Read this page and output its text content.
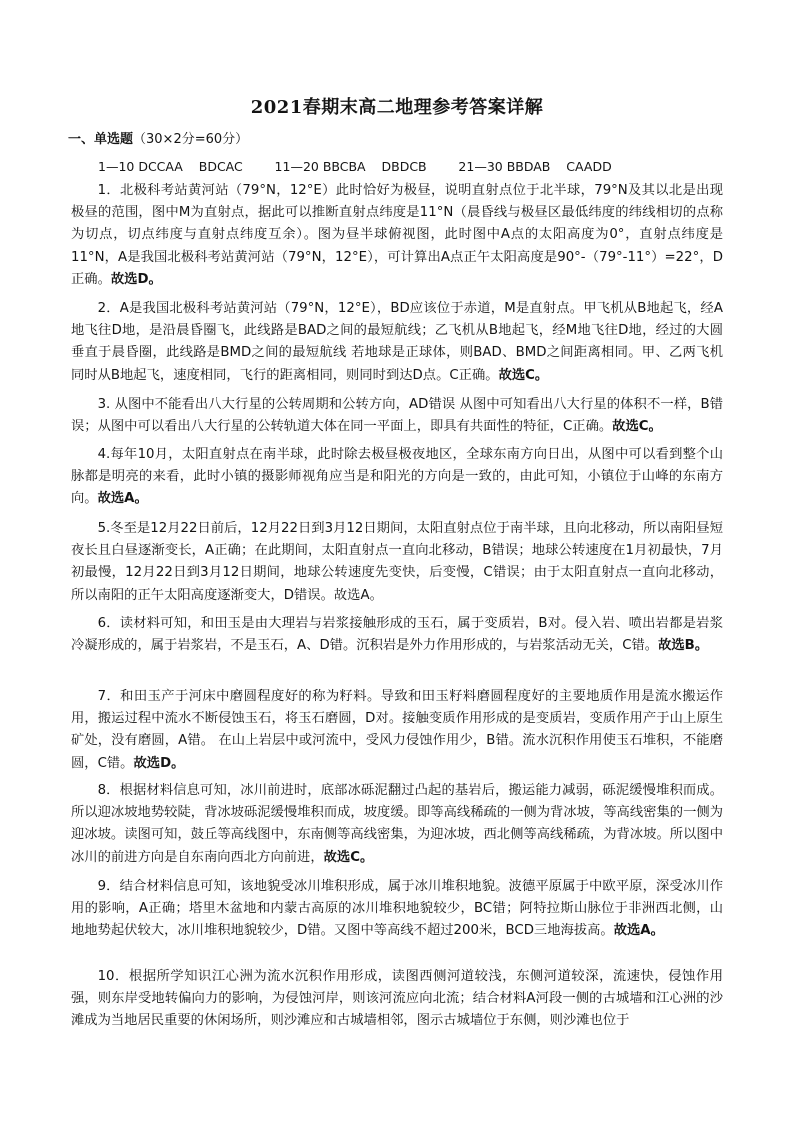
2021春期末高二地理参考答案详解

一、单选题（30×2分=60分）

1—10 DCCAA    BDCAC        11—20 BBCBA    DBDCB        21—30 BBDAB    CAADD

1．北极科考站黄河站（79°N，12°E）此时恰好为极昼，说明直射点位于北半球，79°N及其以北是出现极昼的范围，图中M为直射点，据此可以推断直射点纬度是11°N（晨昏线与极昼区最低纬度的纬线相切的点称为切点，切点纬度与直射点纬度互余）。图为昼半球俯视图，此时图中A点的太阳高度为0°，直射点纬度是11°N，A是我国北极科考站黄河站（79°N，12°E），可计算出A点正午太阳高度是90°-（79°-11°）=22°，D正确。故选D。

2．A是我国北极科考站黄河站（79°N，12°E），BD应该位于赤道，M是直射点。甲飞机从B地起飞，经A地飞往D地，是沿晨昏圈飞，此线路是BAD之间的最短航线；乙飞机从B地起飞，经M地飞往D地，经过的大圆垂直于晨昏圈，此线路是BMD之间的最短航线 若地球是正球体，则BAD、BMD之间距离相同。甲、乙两飞机同时从B地起飞，速度相同，飞行的距离相同，则同时到达D点。C正确。故选C。

3. 从图中不能看出八大行星的公转周期和公转方向，AD错误 从图中可知看出八大行星的体积不一样，B错误；从图中可以看出八大行星的公转轨道大体在同一平面上，即具有共面性的特征，C正确。故选C。

4.每年10月，太阳直射点在南半球，此时除去极昼极夜地区，全球东南方向日出，从图中可以看到整个山脉都是明亮的来看，此时小镇的摄影师视角应当是和阳光的方向是一致的，由此可知，小镇位于山峰的东南方向。故选A。

5.冬至是12月22日前后，12月22日到3月12日期间，太阳直射点位于南半球，且向北移动，所以南阳昼短夜长且白昼逐渐变长，A正确；在此期间，太阳直射点一直向北移动，B错误；地球公转速度在1月初最快，7月初最慢，12月22日到3月12日期间，地球公转速度先变快，后变慢，C错误；由于太阳直射点一直向北移动，所以南阳的正午太阳高度逐渐变大，D错误。故选A。

6．读材料可知，和田玉是由大理岩与岩浆接触形成的玉石，属于变质岩，B对。侵入岩、喷出岩都是岩浆冷凝形成的，属于岩浆岩，不是玉石，A、D错。沉积岩是外力作用形成的，与岩浆活动无关，C错。故选B。

7．和田玉产于河床中磨圆程度好的称为籽料。导致和田玉籽料磨圆程度好的主要地质作用是流水搬运作用，搬运过程中流水不断侵蚀玉石，将玉石磨圆，D对。接触变质作用形成的是变质岩，变质作用产于山上原生矿处，没有磨圆，A错。 在山上岩层中或河流中，受风力侵蚀作用少，B错。流水沉积作用使玉石堆积，不能磨圆，C错。故选D。

8．根据材料信息可知，冰川前进时，底部冰砾泥翻过凸起的基岩后，搬运能力减弱，砾泥缓慢堆积而成。所以迎冰坡地势较陡，背冰坡砾泥缓慢堆积而成，坡度缓。即等高线稀疏的一侧为背冰坡，等高线密集的一侧为迎冰坡。读图可知，鼓丘等高线图中，东南侧等高线密集，为迎冰坡，西北侧等高线稀疏，为背冰坡。所以图中冰川的前进方向是自东南向西北方向前进，故选C。

9．结合材料信息可知，该地貌受冰川堆积形成，属于冰川堆积地貌。波德平原属于中欧平原，深受冰川作用的影响，A正确；塔里木盆地和内蒙古高原的冰川堆积地貌较少，BC错；阿特拉斯山脉位于非洲西北侧，山地地势起伏较大，冰川堆积地貌较少，D错。又图中等高线不超过200米，BCD三地海拔高。故选A。

10．根据所学知识江心洲为流水沉积作用形成，读图西侧河道较浅，东侧河道较深，流速快，侵蚀作用强，则东岸受地转偏向力的影响，为侵蚀河岸，则该河流应向北流；结合材料A河段一侧的古城墙和江心洲的沙滩成为当地居民重要的休闲场所，则沙滩应和古城墙相邻，图示古城墙位于东侧，则沙滩也位于
